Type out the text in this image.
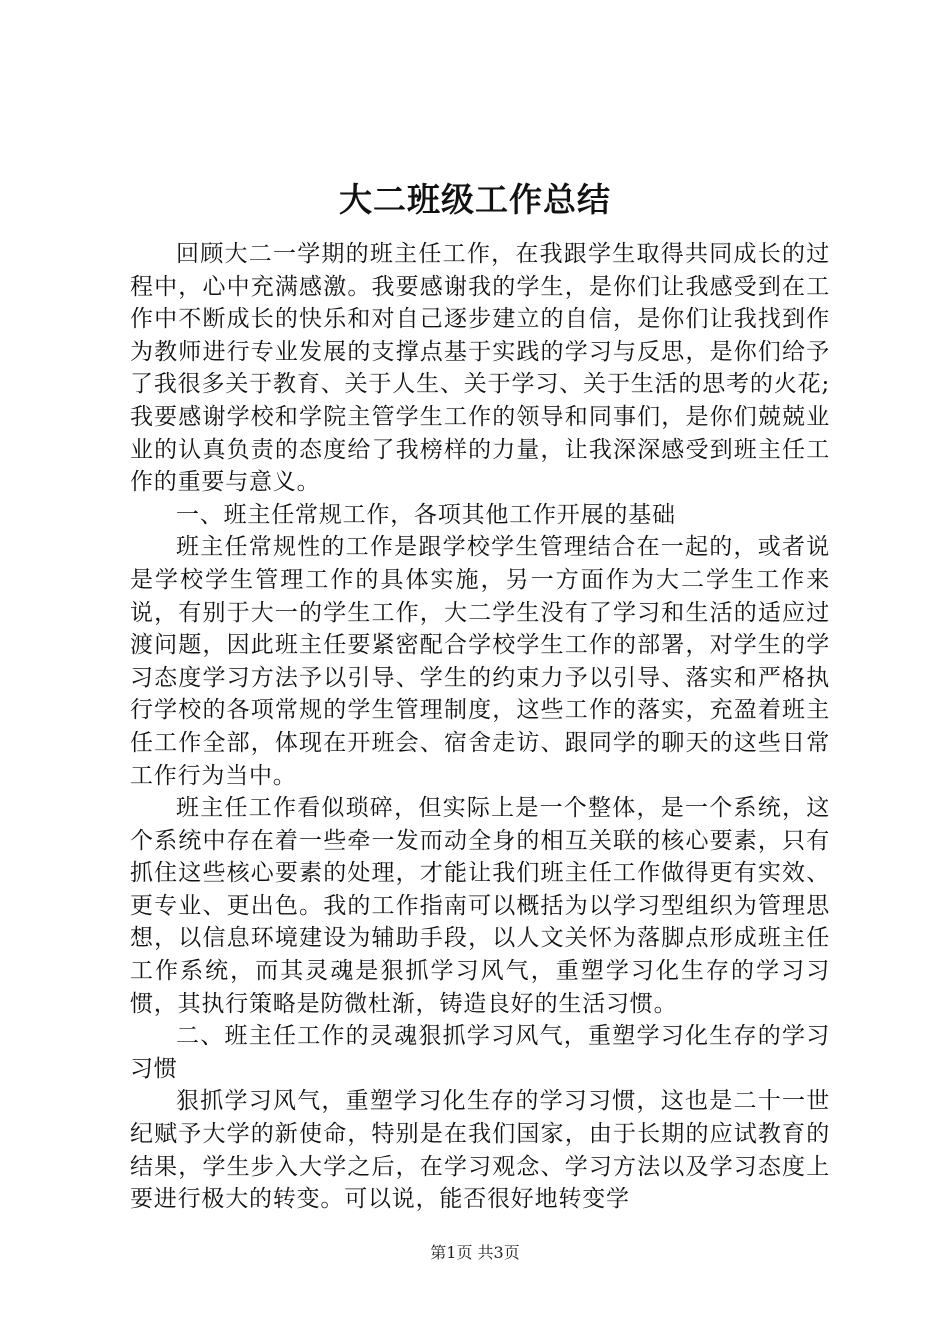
大二班级工作总结

回顾大二一学期的班主任工作，在我跟学生取得共同成长的过程中，心中充满感激。我要感谢我的学生，是你们让我感受到在工作中不断成长的快乐和对自己逐步建立的自信，是你们让我找到作为教师进行专业发展的支撑点基于实践的学习与反思，是你们给予了我很多关于教育、关于人生、关于学习、关于生活的思考的火花;我要感谢学校和学院主管学生工作的领导和同事们，是你们兢兢业业的认真负责的态度给了我榜样的力量，让我深深感受到班主任工作的重要与意义。

一、班主任常规工作，各项其他工作开展的基础

班主任常规性的工作是跟学校学生管理结合在一起的，或者说是学校学生管理工作的具体实施，另一方面作为大二学生工作来说，有别于大一的学生工作，大二学生没有了学习和生活的适应过渡问题，因此班主任要紧密配合学校学生工作的部署，对学生的学习态度学习方法予以引导、学生的约束力予以引导、落实和严格执行学校的各项常规的学生管理制度，这些工作的落实，充盈着班主任工作全部，体现在开班会、宿舍走访、跟同学的聊天的这些日常工作行为当中。

班主任工作看似琐碎，但实际上是一个整体，是一个系统，这个系统中存在着一些牵一发而动全身的相互关联的核心要素，只有抓住这些核心要素的处理，才能让我们班主任工作做得更有实效、更专业、更出色。我的工作指南可以概括为以学习型组织为管理思想，以信息环境建设为辅助手段，以人文关怀为落脚点形成班主任工作系统，而其灵魂是狠抓学习风气，重塑学习化生存的学习习惯，其执行策略是防微杜渐，铸造良好的生活习惯。

二、班主任工作的灵魂狠抓学习风气，重塑学习化生存的学习习惯

狠抓学习风气，重塑学习化生存的学习习惯，这也是二十一世纪赋予大学的新使命，特别是在我们国家，由于长期的应试教育的结果，学生步入大学之后，在学习观念、学习方法以及学习态度上要进行极大的转变。可以说，能否很好地转变学

第1页 共3页
